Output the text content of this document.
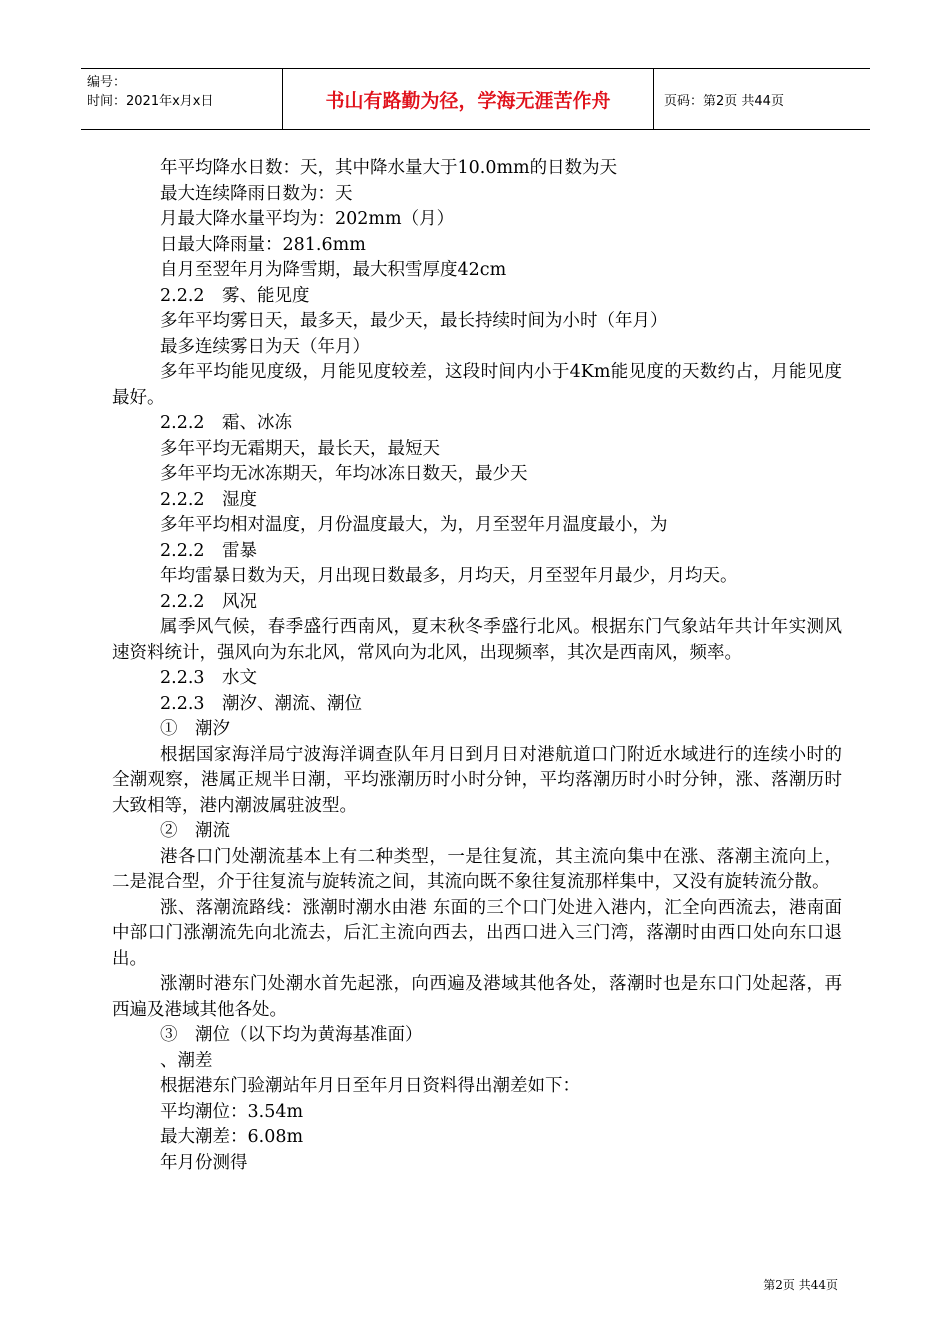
编号：
时间：2021年x月x日	书山有路勤为径，学海无涯苦作舟	页码：第2页 共44页

年平均降水日数：天，其中降水量大于10.0mm的日数为天

最大连续降雨日数为：天

月最大降水量平均为：202mm（月）

日最大降雨量：281.6mm

自月至翌年月为降雪期，最大积雪厚度42cm

2.2.2　雾、能见度

多年平均雾日天，最多天，最少天，最长持续时间为小时（年月）

最多连续雾日为天（年月）

多年平均能见度级，月能见度较差，这段时间内小于4Km能见度的天数约占，月能见度最好。

2.2.2　霜、冰冻

多年平均无霜期天，最长天，最短天

多年平均无冰冻期天，年均冰冻日数天，最少天

2.2.2　湿度

多年平均相对温度，月份温度最大，为，月至翌年月温度最小，为

2.2.2　雷暴

年均雷暴日数为天，月出现日数最多，月均天，月至翌年月最少，月均天。

2.2.2　风况

属季风气候，春季盛行西南风，夏末秋冬季盛行北风。根据东门气象站年共计年实测风速资料统计，强风向为东北风，常风向为北风，出现频率，其次是西南风，频率。

2.2.3　水文

2.2.3　潮汐、潮流、潮位

①　潮汐

根据国家海洋局宁波海洋调查队年月日到月日对港航道口门附近水域进行的连续小时的全潮观察，港属正规半日潮，平均涨潮历时小时分钟，平均落潮历时小时分钟，涨、落潮历时大致相等，港内潮波属驻波型。

②　潮流

港各口门处潮流基本上有二种类型，一是往复流，其主流向集中在涨、落潮主流向上，二是混合型，介于往复流与旋转流之间，其流向既不象往复流那样集中，又没有旋转流分散。

涨、落潮流路线：涨潮时潮水由港 东面的三个口门处进入港内，汇全向西流去，港南面中部口门涨潮流先向北流去，后汇主流向西去，出西口进入三门湾，落潮时由西口处向东口退出。

涨潮时港东门处潮水首先起涨，向西遍及港域其他各处，落潮时也是东口门处起落，再西遍及港域其他各处。

③　潮位（以下均为黄海基准面）

、潮差

根据港东门验潮站年月日至年月日资料得出潮差如下：

平均潮位：3.54m

最大潮差：6.08m

年月份测得

第2页 共44页
